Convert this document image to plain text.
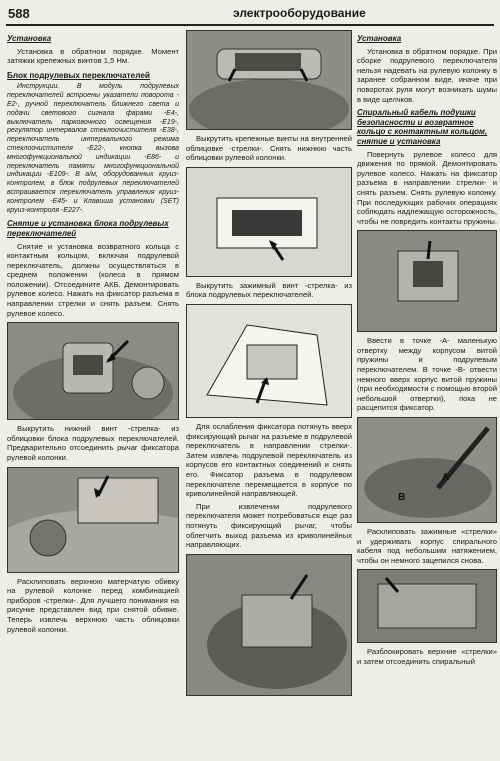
588	электрооборудование
Установка

Установка в обратном порядке. Момент затяжки крепежных винтов 1,5 Нм.

Блок подрулевых переключателей

Инструкции. В модуль подрулевых переключателей встроены указатели поворота -E2-, ручной переключатель ближнего света и подачи светового сигнала фарами -E4-, выключатель парковочного освещения -E19-, регулятор интервалов стеклоочистителя -E38-, переключатель интервального режима стеклоочистителя -E22-, кнопка вызова многофункциональной индикации -E86- и переключатель памяти многофункциональной индикации -E109-. В а/м, оборудованных круиз-контролем, в блок подрулевых переключателей встраивается переключатель управления круиз-контролем -E45- и Клавиша установки (SET) круиз-контроля -E227-.

Снятие и установка блока подрулевых переключателей

Снятие и установка возвратного кольца с контактным кольцом, включая подрулевой переключатель, должны осуществляться в среднем положении (колеса в прямом положении). Отсоедините АКБ. Демонтировать рулевое колесо. Нажать на фиксатор разъема в направлении стрелки и снять разъем. Снять рулевое колесо.

Выкрутить нижний винт -стрелка- из облицовки блока подрулевых переключателей. Предварительно отсоединить рычаг фиксатора рулевой колонки.

Расклиповать верхнюю матерчатую обивку на рулевой колонке перед комбинацией приборов -стрелки-. Для лучшего понимания на рисунке представлен вид при снятой обивке. Теперь извлечь верхнюю часть облицовки рулевой колонки.

Выкрутить крепежные винты на внутренней облицовке -стрелки-. Снять нижнюю часть облицовки рулевой колонки.

Выкрутить зажимный винт -стрелка- из блока подрулевых переключателей.

Для ослабления фиксатора потянуть вверх фиксирующий рычаг на разъеме в подрулевой переключатель в направлении стрелки-. Затем извлечь подрулевой переключатель из корпусов его контактных соединений и снять его. Фиксатор разъема в подрулевом переключателе перемещается в корпусе по криволинейной направляющей.

При извлечении подрулевого переключателя может потребоваться еще раз потянуть фиксирующий рычаг, чтобы облегчить выход разъема из криволинейных направляющих.

Установка

Установка в обратном порядке. При сборке подрулевого переключателя нельзя надевать на рулевую колонку в заранее собранном виде, иначе при поворотах руля могут возникать шумы в виде щелчков.

Спиральный кабель подушки безопасности и возвратное кольцо с контактным кольцом, снятие и установка

Повернуть рулевое колесо для движения по прямой. Демонтировать рулевое колесо. Нажать на фиксатор разъема в направлении стрелки- и снять разъем. Снять рулевую колонку. При последующих рабочих операциях соблюдать надлежащую осторожность, чтобы не повредить контакты пружины.

Ввести в точке -A- маленькую отвертку между корпусом витой пружины и подрулевым переключателем. В точке -B- отвести немного вверх корпус витой пружины (при необходимости с помощью второй небольшой отвертки), пока не расцепится фиксатор.

A
B

Расклиповать зажимные «стрелки» и удерживать корпус спирального кабеля под небольшим натяжением, чтобы он немного зацепился снова.

Разблокировать верхние «стрелки» и затем отсоединить спиральный
